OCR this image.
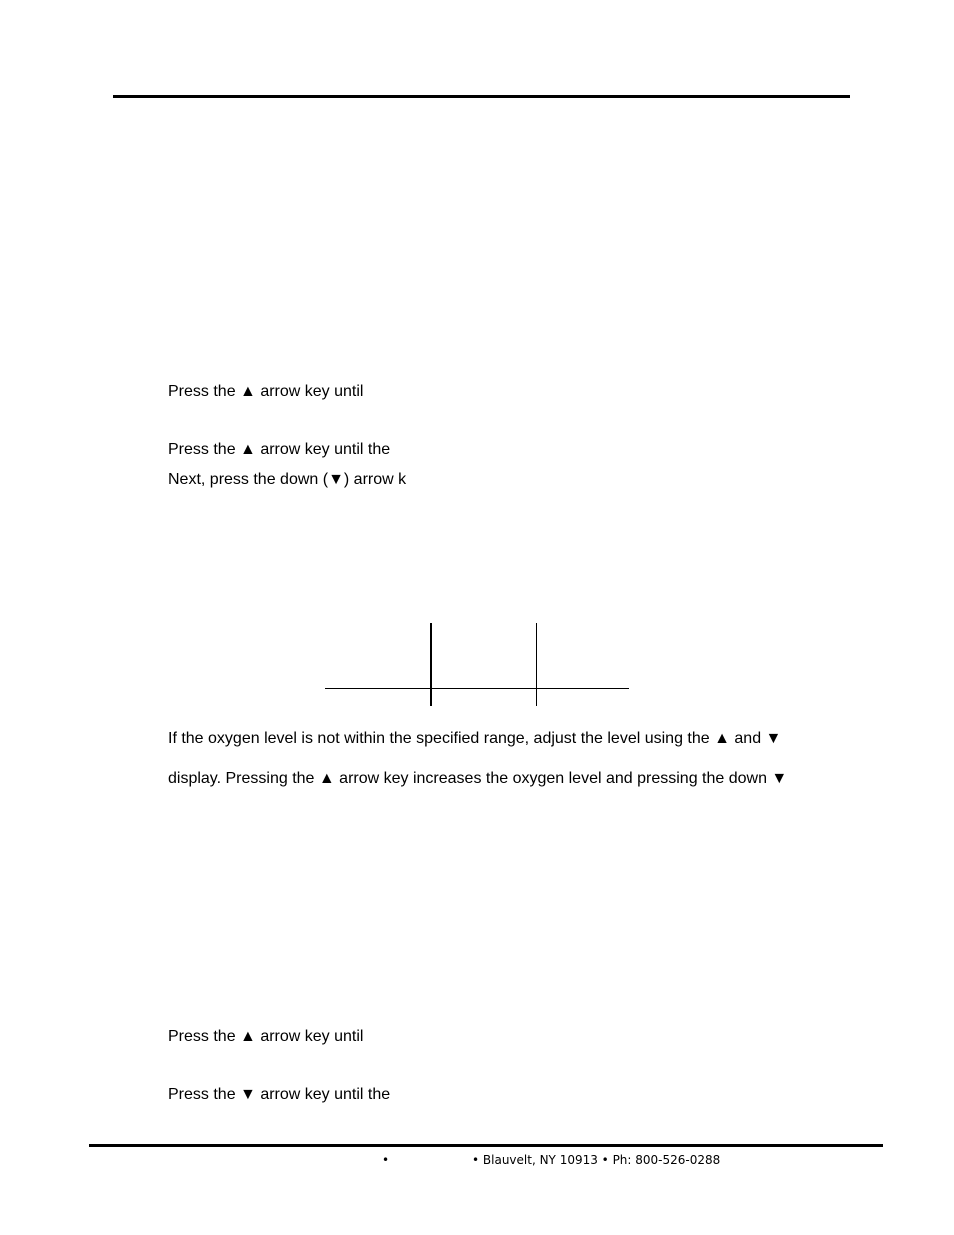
Press the ▲ arrow key until
Press the ▲ arrow key until the
Next, press the down (▼) arrow k
If the oxygen level is not within the specified range, adjust the level using the ▲ and ▼
display. Pressing the ▲ arrow key increases the oxygen level and pressing the down ▼
Press the ▲ arrow key until
Press the ▼ arrow key until the
•	• Blauvelt, NY 10913 • Ph: 800-526-0288
